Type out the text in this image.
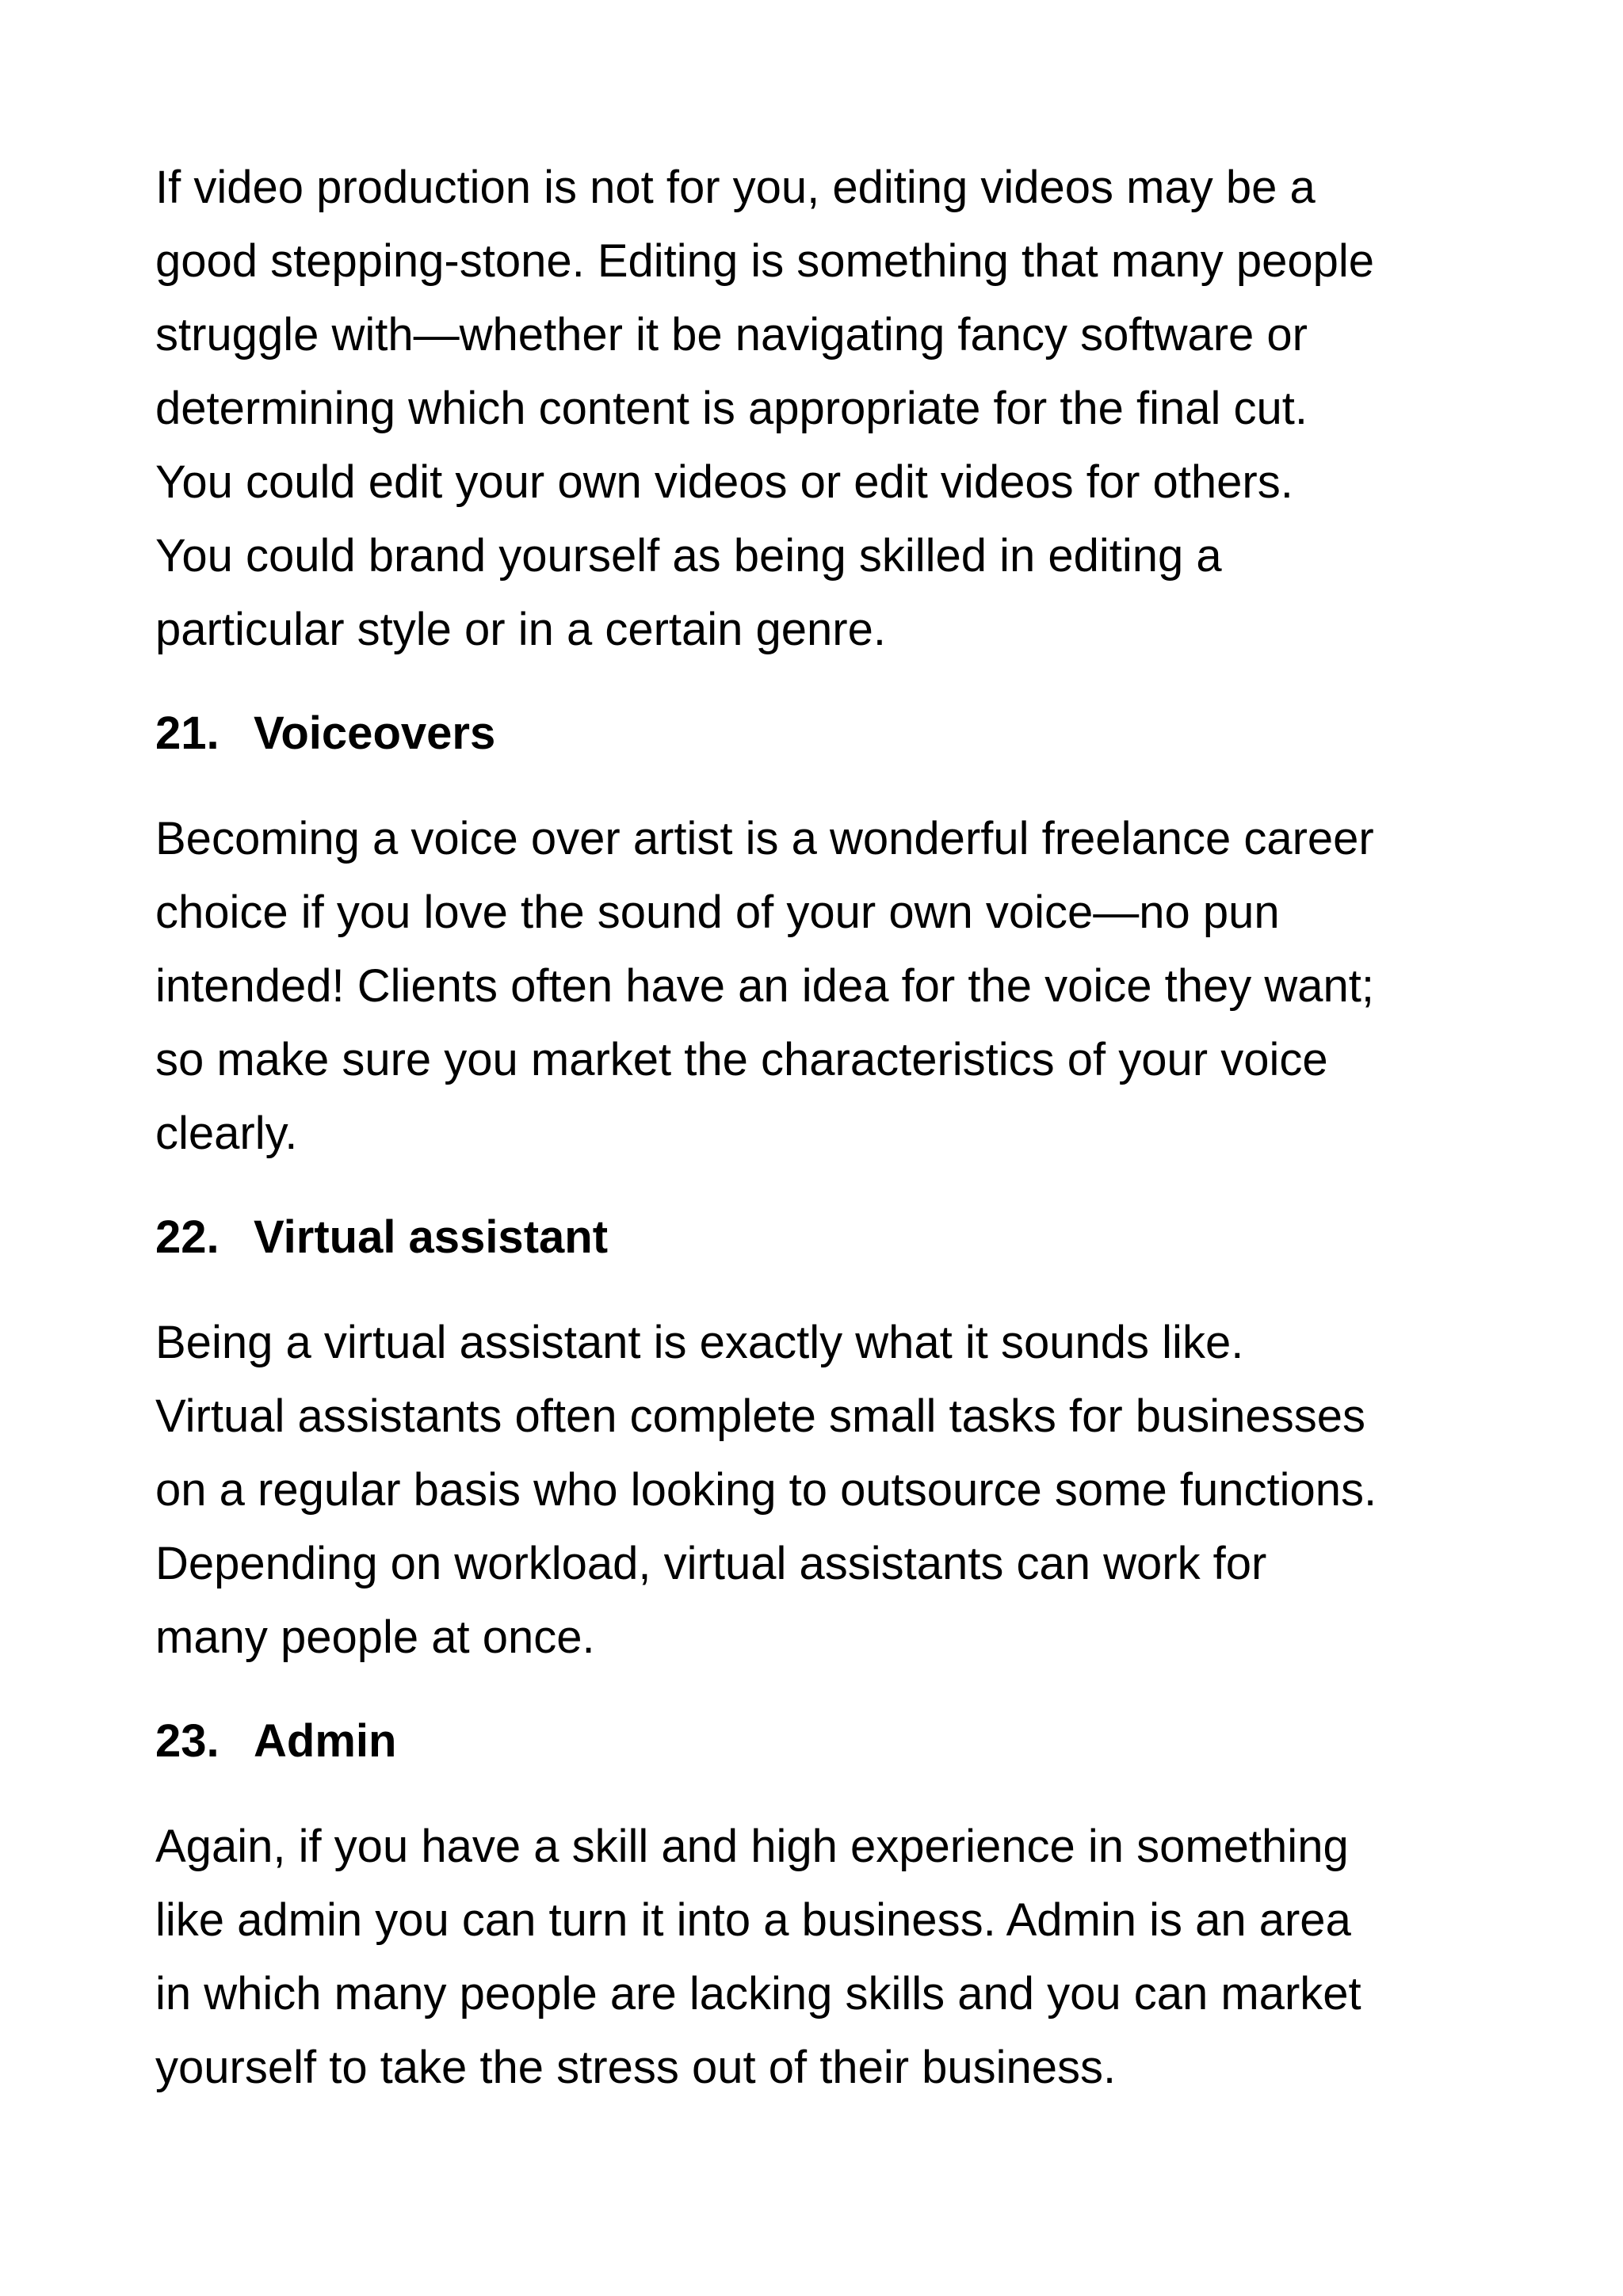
If video production is not for you, editing videos may be a
good stepping-stone. Editing is something that many people
struggle with—whether it be navigating fancy software or
determining which content is appropriate for the final cut.
You could edit your own videos or edit videos for others.
You could brand yourself as being skilled in editing a
particular style or in a certain genre.

21. Voiceovers

Becoming a voice over artist is a wonderful freelance career
choice if you love the sound of your own voice—no pun
intended! Clients often have an idea for the voice they want;
so make sure you market the characteristics of your voice
clearly.

22. Virtual assistant

Being a virtual assistant is exactly what it sounds like.
Virtual assistants often complete small tasks for businesses
on a regular basis who looking to outsource some functions.
Depending on workload, virtual assistants can work for
many people at once.

23. Admin

Again, if you have a skill and high experience in something
like admin you can turn it into a business. Admin is an area
in which many people are lacking skills and you can market
yourself to take the stress out of their business.
